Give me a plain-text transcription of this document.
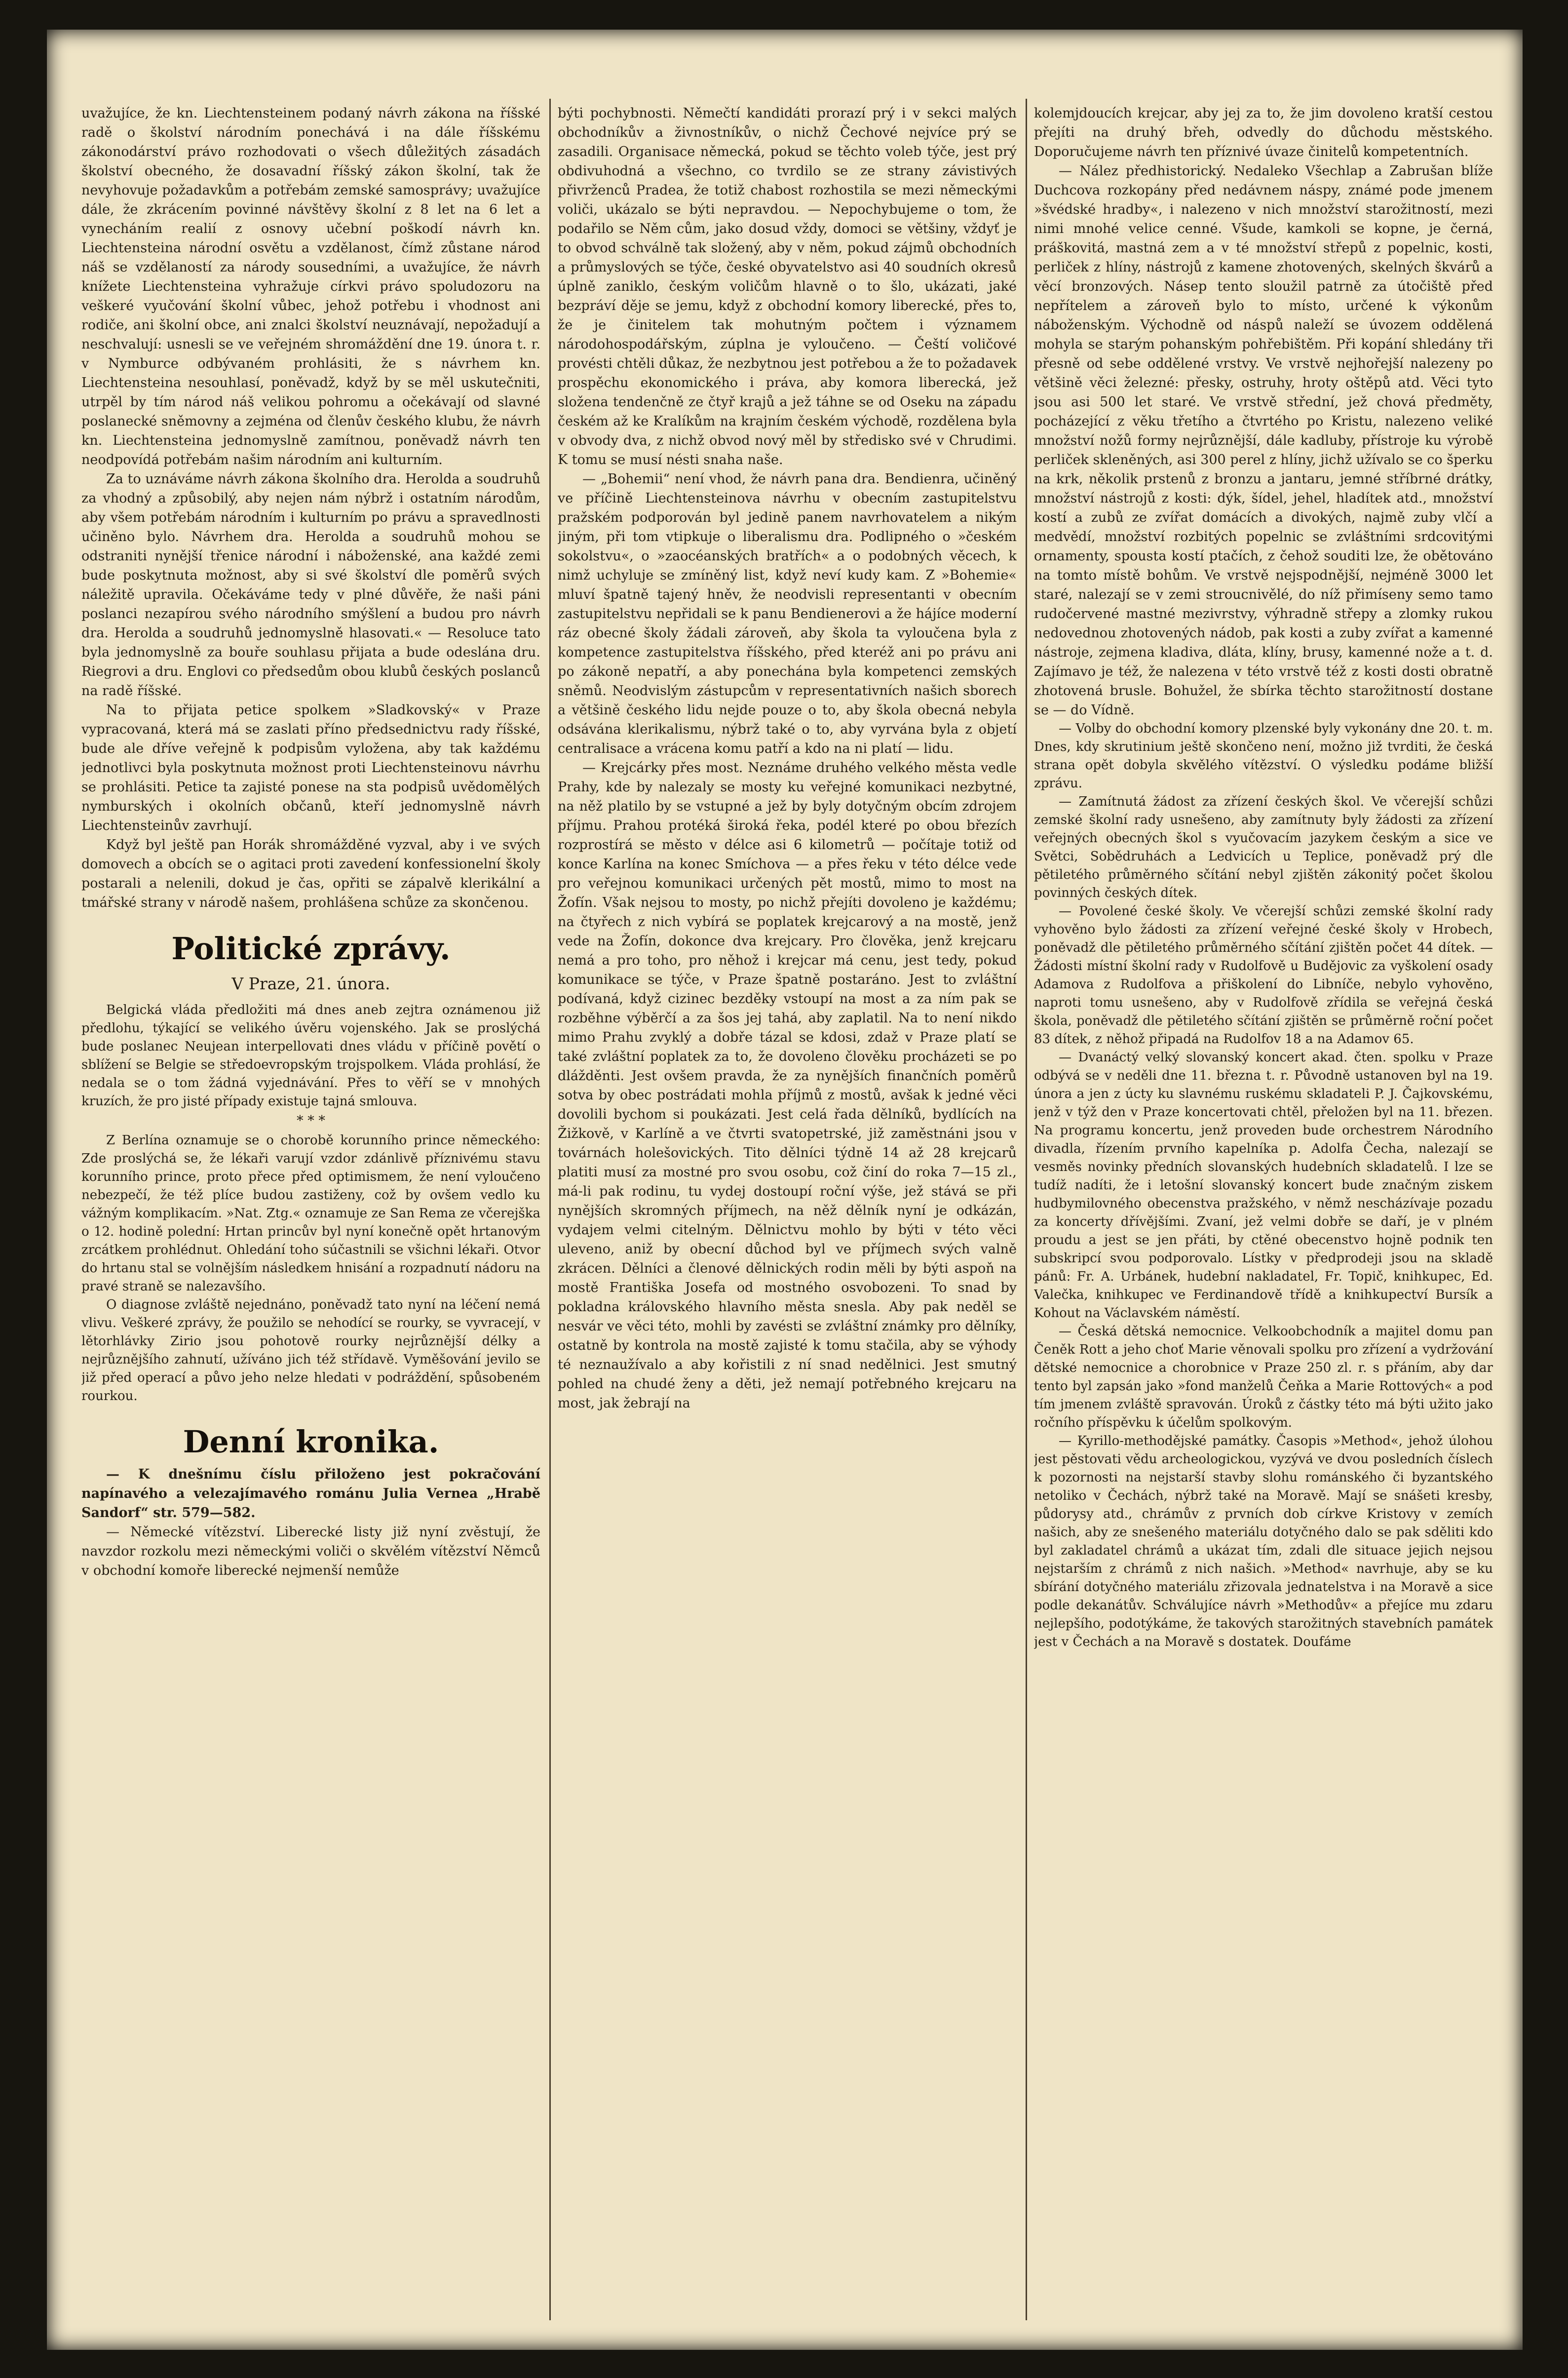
uvažujíce, že kn. Liechtensteinem podaný návrh zákona na říšské radě o školství národním ponechává i na dále říšskému zákonodárství právo rozhodovati o všech důležitých zásadách školství obecného, že dosavadní říšský zákon školní, tak že nevyhovuje požadavkům a potřebám zemské samosprávy; uvažujíce dále, že zkrácením povinné návštěvy školní z 8 let na 6 let a vynecháním realií z osnovy učební poškodí návrh kn. Liechtensteina národní osvětu a vzdělanost, čímž zůstane národ náš se vzdělaností za národy sousedními, a uvažujíce, že návrh knížete Liechtensteina vyhražuje církvi právo spoludozoru na veškeré vyučování školní vůbec, jehož potřebu i vhodnost ani rodiče, ani školní obce, ani znalci školství neuznávají, nepožadují a neschvalují: usnesli se ve veřejném shromáždění dne 19. února t. r. v Nymburce odbývaném prohlásiti, že s návrhem kn. Liechtensteina nesouhlasí, poněvadž, když by se měl uskutečniti, utrpěl by tím národ náš velikou pohromu a očekávají od slavné poslanecké sněmovny a zejména od členův českého klubu, že návrh kn. Liechtensteina jednomyslně zamítnou, poněvadž návrh ten neodpovídá potřebám našim národním ani kulturním.

Za to uznáváme návrh zákona školního dra. Herolda a soudruhů za vhodný a způsobilý, aby nejen nám nýbrž i ostatním národům, aby všem potřebám národním i kulturním po právu a spravedlnosti učiněno bylo. Návrhem dra. Herolda a soudruhů mohou se odstraniti nynější třenice národní i náboženské, ana každé zemi bude poskytnuta možnost, aby si své školství dle poměrů svých náležitě upravila. Očekáváme tedy v plné důvěře, že naši páni poslanci nezapírou svého národního smýšlení a budou pro návrh dra. Herolda a soudruhů jednomyslně hlasovati.« — Resoluce tato byla jednomyslně za bouře souhlasu přijata a bude odeslána dru. Riegrovi a dru. Englovi co předsedům obou klubů českých poslanců na radě říšské.

Na to přijata petice spolkem »Sladkovský« v Praze vypracovaná, která má se zaslati příno předsednictvu rady říšské, bude ale dříve veřejně k podpisům vyložena, aby tak každému jednotlivci byla poskytnuta možnost proti Liechtensteinovu návrhu se prohlásiti. Petice ta zajisté ponese na sta podpisů uvědomělých nymburských i okolních občanů, kteří jednomyslně návrh Liechtensteinův zavrhují.

Když byl ještě pan Horák shromážděné vyzval, aby i ve svých domovech a obcích se o agitaci proti zavedení konfessionelní školy postarali a nelenili, dokud je čas, opřiti se zápalvě klerikální a tmářské strany v národě našem, prohlášena schůze za skončenou.

Politické zprávy.
V Praze, 21. února.

Belgická vláda předložiti má dnes aneb zejtra oznámenou již předlohu, týkající se velikého úvěru vojenského. Jak se proslýchá bude poslanec Neujean interpellovati dnes vládu v příčině povětí o sblížení se Belgie se středoevropským trojspolkem. Vláda prohlásí, že nedala se o tom žádná vyjednávání. Přes to věří se v mnohých kruzích, že pro jisté případy existuje tajná smlouva.

* * *

Z Berlína oznamuje se o chorobě korunního prince německého: Zde proslýchá se, že lékaři varují vzdor zdánlivě příznivému stavu korunního prince, proto přece před optimismem, že není vyloučeno nebezpečí, že též plíce budou zastiženy, což by ovšem vedlo ku vážným komplikacím. »Nat. Ztg.« oznamuje ze San Rema ze včerejška o 12. hodině polední: Hrtan princův byl nyní konečně opět hrtanovým zrcátkem prohlédnut. Ohledání toho súčastnili se všichni lékaři. Otvor do hrtanu stal se volnějším následkem hnisání a rozpadnutí nádoru na pravé straně se nalezavšího.

O diagnose zvláště nejednáno, poněvadž tato nyní na léčení nemá vlivu. Veškeré zprávy, že použilo se nehodící se rourky, se vyvracejí, v lětorhlávky Zirio jsou pohotově rourky nejrůznější délky a nejrůznějšího zahnutí, užíváno jich též střídavě. Vyměšování jevilo se již před operací a půvo jeho nelze hledati v podráždění, spůsobeném rourkou.

Denní kronika.

— K dnešnímu číslu přiloženo jest pokračování napínavého a velezajímavého románu Julia Vernea „Hrabě Sandorf“ str. 579—582.

— Německé vítězství. Liberecké listy již nyní zvěstují, že navzdor rozkolu mezi německými voliči o skvělém vítězství Němců v obchodní komoře liberecké nejmenší nemůže

býti pochybnosti. Němečtí kandidáti prorazí prý i v sekci malých obchodníkův a živnostníkův, o nichž Čechové nejvíce prý se zasadili. Organisace německá, pokud se těchto voleb týče, jest prý obdivuhodná a všechno, co tvrdilo se ze strany závistivých přivrženců Pradea, že totiž chabost rozhostila se mezi německými voliči, ukázalo se býti nepravdou. — Nepochybujeme o tom, že podařilo se Něm cům, jako dosud vždy, domoci se většiny, vždyť je to obvod schválně tak složený, aby v něm, pokud zájmů obchodních a průmyslových se týče, české obyvatelstvo asi 40 soudních okresů úplně zaniklo, českým voličům hlavně o to šlo, ukázati, jaké bezpráví děje se jemu, když z obchodní komory liberecké, přes to, že je činitelem tak mohutným počtem i významem národohospodářským, zúplna je vyloučeno. — Čeští voličové provésti chtěli důkaz, že nezbytnou jest potřebou a že to požadavek prospěchu ekonomického i práva, aby komora liberecká, jež složena tendenčně ze čtyř krajů a jež táhne se od Oseku na západu českém až ke Kralíkům na krajním českém východě, rozdělena byla v obvody dva, z nichž obvod nový měl by středisko své v Chrudimi. K tomu se musí nésti snaha naše.

— „Bohemii“ není vhod, že návrh pana dra. Bendienra, učiněný ve příčině Liechtensteinova návrhu v obecním zastupitelstvu pražském podporován byl jedině panem navrhovatelem a nikým jiným, při tom vtipkuje o liberalismu dra. Podlipného o »českém sokolstvu«, o »zaocéanských bratřích« a o podobných věcech, k nimž uchyluje se zmíněný list, když neví kudy kam. Z »Bohemie« mluví špatně tajený hněv, že neodvisli representanti v obecním zastupitelstvu nepřidali se k panu Bendienerovi a že hájíce moderní ráz obecné školy žádali zároveň, aby škola ta vyloučena byla z kompetence zastupitelstva říšského, před kteréž ani po právu ani po zákoně nepatří, a aby ponechána byla kompetenci zemských sněmů. Neodvislým zástupcům v representativních našich sborech a většině českého lidu nejde pouze o to, aby škola obecná nebyla odsávána klerikalismu, nýbrž také o to, aby vyrvána byla z objetí centralisace a vrácena komu patří a kdo na ni platí — lidu.

— Krejcárky přes most. Neznáme druhého velkého města vedle Prahy, kde by nalezaly se mosty ku veřejné komunikaci nezbytné, na něž platilo by se vstupné a jež by byly dotyčným obcím zdrojem příjmu. Prahou protéká široká řeka, podél které po obou březích rozprostírá se město v délce asi 6 kilometrů — počítaje totiž od konce Karlína na konec Smíchova — a přes řeku v této délce vede pro veřejnou komunikaci určených pět mostů, mimo to most na Žofín. Však nejsou to mosty, po nichž přejíti dovoleno je každému; na čtyřech z nich vybírá se poplatek krejcarový a na mostě, jenž vede na Žofín, dokonce dva krejcary. Pro člověka, jenž krejcaru nemá a pro toho, pro něhož i krejcar má cenu, jest tedy, pokud komunikace se týče, v Praze špatně postaráno. Jest to zvláštní podívaná, když cizinec bezděky vstoupí na most a za ním pak se rozběhne výběrčí a za šos jej tahá, aby zaplatil. Na to není nikdo mimo Prahu zvyklý a dobře tázal se kdosi, zdaž v Praze platí se také zvláštní poplatek za to, že dovoleno člověku procházeti se po dlážděnti. Jest ovšem pravda, že za nynějších finančních poměrů sotva by obec postrádati mohla příjmů z mostů, avšak k jedné věci dovolili bychom si poukázati. Jest celá řada dělníků, bydlících na Žižkově, v Karlíně a ve čtvrti svatopetrské, již zaměstnáni jsou v továrnách holešovických. Tito dělníci týdně 14 až 28 krejcarů platiti musí za mostné pro svou osobu, což činí do roka 7—15 zl., má-li pak rodinu, tu vydej dostoupí roční výše, jež stává se při nynějších skromných příjmech, na něž dělník nyní je odkázán, vydajem velmi citelným. Dělnictvu mohlo by býti v této věci uleveno, aniž by obecní důchod byl ve příjmech svých valně zkrácen. Dělníci a členové dělnických rodin měli by býti aspoň na mostě Františka Josefa od mostného osvobozeni. To snad by pokladna královského hlavního města snesla. Aby pak neděl se nesvár ve věci této, mohli by zavésti se zvláštní známky pro dělníky, ostatně by kontrola na mostě zajisté k tomu stačila, aby se výhody té neznaužívalo a aby kořistili z ní snad nedělnici. Jest smutný pohled na chudé ženy a děti, jež nemají potřebného krejcaru na most, jak žebrají na

kolemjdoucích krejcar, aby jej za to, že jim dovoleno kratší cestou přejíti na druhý břeh, odvedly do důchodu městského. Doporučujeme návrh ten příznivé úvaze činitelů kompetentních.

— Nález předhistorický. Nedaleko Všechlap a Zabrušan blíže Duchcova rozkopány před nedávnem náspy, známé pode jmenem »švédské hradby«, i nalezeno v nich množství starožitností, mezi nimi mnohé velice cenné. Všude, kamkoli se kopne, je černá, práškovitá, mastná zem a v té množství střepů z popelnic, kosti, perliček z hlíny, nástrojů z kamene zhotovených, skelných škvárů a věcí bronzových. Násep tento sloužil patrně za útočiště před nepřítelem a zároveň bylo to místo, určené k výkonům náboženským. Východně od náspů naleží se úvozem oddělená mohyla se starým pohanským pohřebištěm. Při kopání shledány tři přesně od sebe oddělené vrstvy. Ve vrstvě nejhořejší nalezeny po většině věci železné: přesky, ostruhy, hroty oštěpů atd. Věci tyto jsou asi 500 let staré. Ve vrstvě střední, jež chová předměty, pocházející z věku třetího a čtvrtého po Kristu, nalezeno veliké množství nožů formy nejrůznější, dále kadluby, přístroje ku výrobě perliček skleněných, asi 300 perel z hlíny, jichž užívalo se co šperku na krk, několik prstenů z bronzu a jantaru, jemné stříbrné drátky, množství nástrojů z kosti: dýk, šídel, jehel, hladítek atd., množství kostí a zubů ze zvířat domácích a divokých, najmě zuby vlčí a medvědí, množství rozbitých popelnic se zvláštními srdcovitými ornamenty, spousta kostí ptačích, z čehož souditi lze, že obětováno na tomto místě bohům. Ve vrstvě nejspodnější, nejméně 3000 let staré, nalezají se v zemi stroucnivělé, do níž přimíseny semo tamo rudočervené mastné mezivrstvy, výhradně střepy a zlomky rukou nedovednou zhotovených nádob, pak kosti a zuby zvířat a kamenné nástroje, zejmena kladiva, dláta, klíny, brusy, kamenné nože a t. d. Zajímavo je též, že nalezena v této vrstvě též z kosti dosti obratně zhotovená brusle. Bohužel, že sbírka těchto starožitností dostane se — do Vídně.

— Volby do obchodní komory plzenské byly vykonány dne 20. t. m. Dnes, kdy skrutinium ještě skončeno není, možno již tvrditi, že česká strana opět dobyla skvělého vítězství. O výsledku podáme bližší zprávu.

— Zamítnutá žádost za zřízení českých škol. Ve včerejší schůzi zemské školní rady usnešeno, aby zamítnuty byly žádosti za zřízení veřejných obecných škol s vyučovacím jazykem českým a sice ve Světci, Sobědruhách a Ledvicích u Teplice, poněvadž prý dle pětiletého průměrného sčítání nebyl zjištěn zákonitý počet školou povinných českých dítek.

— Povolené české školy. Ve včerejší schůzi zemské školní rady vyhověno bylo žádosti za zřízení veřejné české školy v Hrobech, poněvadž dle pětiletého průměrného sčítání zjištěn počet 44 dítek. — Žádosti místní školní rady v Rudolfově u Budějovic za vyškolení osady Adamova z Rudolfova a přiškolení do Libníče, nebylo vyhověno, naproti tomu usnešeno, aby v Rudolfově zřídila se veřejná česká škola, poněvadž dle pětiletého sčítání zjištěn se průměrně roční počet 83 dítek, z něhož připadá na Rudolfov 18 a na Adamov 65.

— Dvanáctý velký slovanský koncert akad. čten. spolku v Praze odbývá se v neděli dne 11. března t. r. Původně ustanoven byl na 19. února a jen z úcty ku slavnému ruskému skladateli P. J. Čajkovskému, jenž v týž den v Praze koncertovati chtěl, přeložen byl na 11. březen. Na programu koncertu, jenž provеden bude orchestrem Národního divadla, řízením prvního kapelníka p. Adolfa Čecha, nalezají se vesměs novinky předních slovanských hudebních skladatelů. I lze se tudíž nadíti, že i letošní slovanský koncert bude značným ziskem hudbymilovného obecenstva pražského, v němž nescházívaje pozadu za koncerty dřívějšími. Zvaní, jež velmi dobře se daří, je v plném proudu a jest se jen přáti, by ctěné obecenstvo hojně podnik ten subskripcí svou podporovalo. Lístky v předprodeji jsou na skladě pánů: Fr. A. Urbánek, hudební nakladatel, Fr. Topič, knihkupec, Ed. Valečka, knihkupec ve Ferdinandově třídě a knihkupectví Bursík a Kohout na Václavském náměstí.

— Česká dětská nemocnice. Velkoobchodník a majitel domu pan Čeněk Rott a jeho choť Marie věnovali spolku pro zřízení a vydržování dětské nemocnice a chorobnice v Praze 250 zl. r. s přáním, aby dar tento byl zapsán jako »fond manželů Čeňka a Marie Rottových« a pod tím jmenem zvláště spravován. Úroků z částky této má býti užito jako ročního příspěvku k účelům spolkovým.

— Kyrillo-methodějské památky. Časopis »Method«, jehož úlohou jest pěstovati vědu archeologickou, vyzývá ve dvou posledních číslech k pozornosti na nejstarší stavby slohu románského či byzantského netoliko v Čechách, nýbrž také na Moravě. Mají se snášeti kresby, půdorysy atd., chrámův z prvních dob církve Kristovy v zemích našich, aby ze snešeného materiálu dotyčného dalo se pak sděliti kdo byl zakladatel chrámů a ukázat tím, zdali dle situace jejich nejsou nejstarším z chrámů z nich našich. »Method« navrhuje, aby se ku sbírání dotyčného materiálu zřizovala jednatelstva i na Moravě a sice podle dekanátův. Schválujíce návrh »Methodův« a přejíce mu zdaru nejlepšího, podotýkáme, že takových starožitných stavebních památek jest v Čechách a na Moravě s dostatek. Doufáme
